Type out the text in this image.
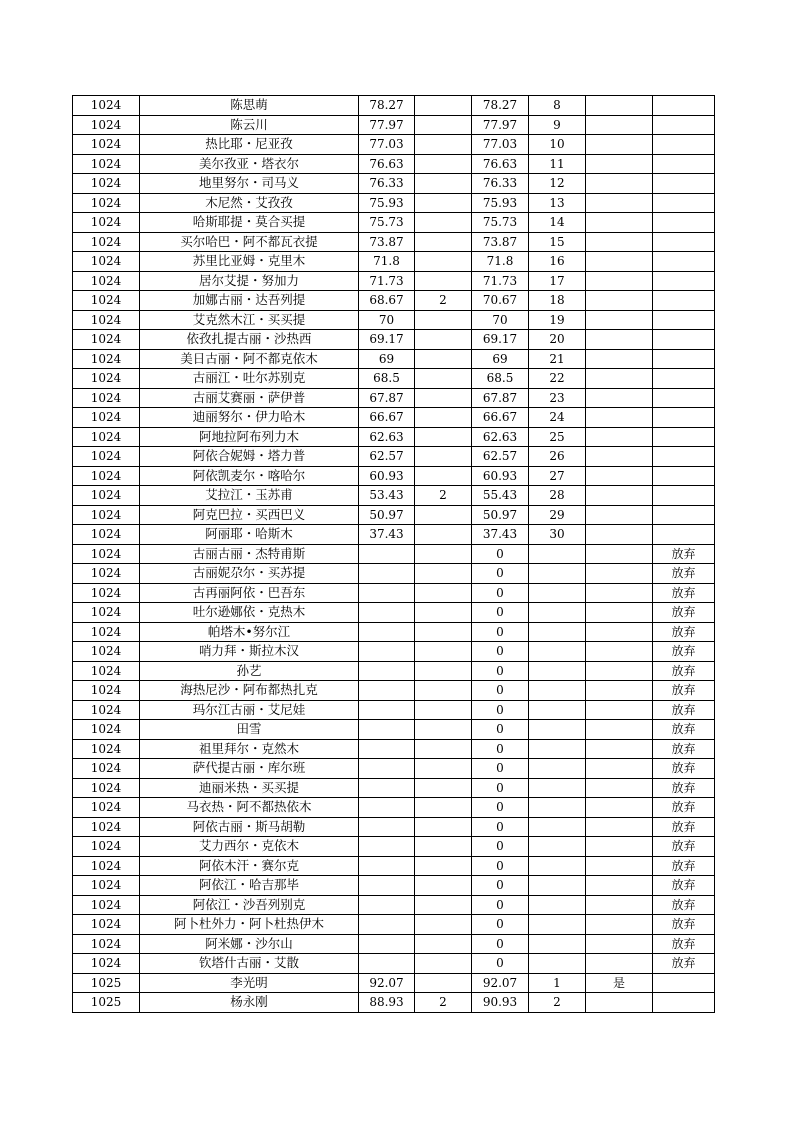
1024	陈思萌	78.27		78.27	8		
1024	陈云川	77.97		77.97	9		
1024	热比耶・尼亚孜	77.03		77.03	10		
1024	美尔孜亚・塔衣尔	76.63		76.63	11		
1024	地里努尔・司马义	76.33		76.33	12		
1024	木尼然・艾孜孜	75.93		75.93	13		
1024	哈斯耶提・莫合买提	75.73		75.73	14		
1024	买尔哈巴・阿不都瓦衣提	73.87		73.87	15		
1024	苏里比亚姆・克里木	71.8		71.8	16		
1024	居尔艾提・努加力	71.73		71.73	17		
1024	加娜古丽・达吾列提	68.67	2	70.67	18		
1024	艾克然木江・买买提	70		70	19		
1024	依孜扎提古丽・沙热西	69.17		69.17	20		
1024	美日古丽・阿不都克依木	69		69	21		
1024	古丽江・吐尔苏别克	68.5		68.5	22		
1024	古丽艾赛丽・萨伊普	67.87		67.87	23		
1024	迪丽努尔・伊力哈木	66.67		66.67	24		
1024	阿地拉阿布列力木	62.63		62.63	25		
1024	阿依合妮姆・塔力普	62.57		62.57	26		
1024	阿依凯麦尔・喀哈尔	60.93		60.93	27		
1024	艾拉江・玉苏甫	53.43	2	55.43	28		
1024	阿克巴拉・买西巴义	50.97		50.97	29		
1024	阿丽耶・哈斯木	37.43		37.43	30		
1024	古丽古丽・杰特甫斯			0			放弃
1024	古丽妮尕尔・买苏提			0			放弃
1024	古再丽阿依・巴吾东			0			放弃
1024	吐尔逊娜依・克热木			0			放弃
1024	帕塔木•努尔江			0			放弃
1024	哨力拜・斯拉木汉			0			放弃
1024	孙艺			0			放弃
1024	海热尼沙・阿布都热扎克			0			放弃
1024	玛尔江古丽・艾尼娃			0			放弃
1024	田雪			0			放弃
1024	祖里拜尔・克然木			0			放弃
1024	萨代提古丽・库尔班			0			放弃
1024	迪丽米热・买买提			0			放弃
1024	马衣热・阿不都热依木			0			放弃
1024	阿依古丽・斯马胡勒			0			放弃
1024	艾力西尔・克依木			0			放弃
1024	阿依木汗・赛尔克			0			放弃
1024	阿依江・哈吉那毕			0			放弃
1024	阿依江・沙吾列别克			0			放弃
1024	阿卜杜外力・阿卜杜热伊木			0			放弃
1024	阿米娜・沙尔山			0			放弃
1024	钦塔什古丽・艾散			0			放弃
1025	李光明	92.07		92.07	1	是	
1025	杨永刚	88.93	2	90.93	2		
